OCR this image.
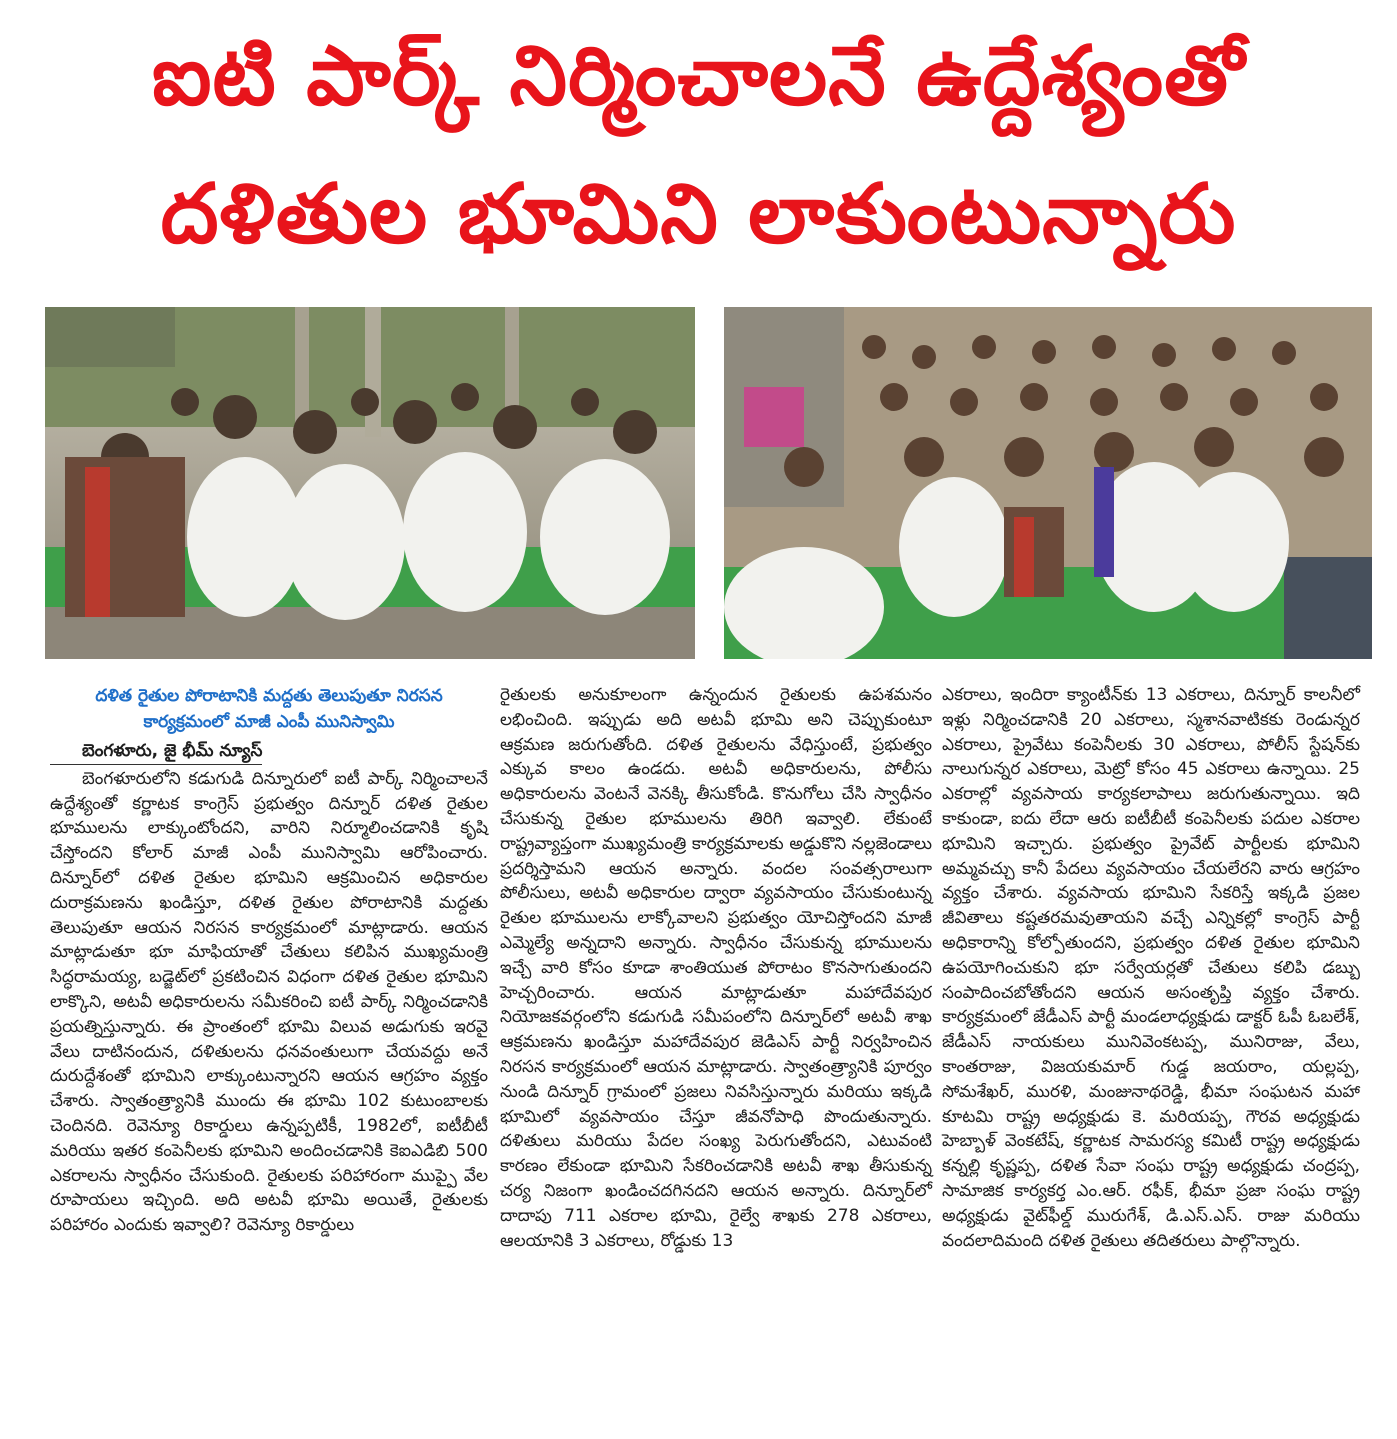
ఐటి పార్క్ నిర్మించాలనే ఉద్దేశ్యంతో
దళితుల భూమిని లాకుంటున్నారు
దళిత రైతుల పోరాటానికి మద్దతు తెలుపుతూ నిరసన కార్యక్రమంలో మాజీ ఎంపీ మునిస్వామి
బెంగళూరు, జై భీమ్ న్యూస్
బెంగళూరులోని కడుగుడి దిన్నూరులో ఐటీ పార్క్ నిర్మించాలనే ఉద్దేశ్యంతో కర్ణాటక కాంగ్రెస్ ప్రభుత్వం దిన్నూర్ దళిత రైతుల భూములను లాక్కుంటోందని, వారిని నిర్మూలించడానికి కృషి చేస్తోందని కోలార్ మాజీ ఎంపీ మునిస్వామి ఆరోపించారు. దిన్నూర్‌లో దళిత రైతుల భూమిని ఆక్రమించిన అధికారుల దురాక్రమణను ఖండిస్తూ, దళిత రైతుల పోరాటానికి మద్దతు తెలుపుతూ ఆయన నిరసన కార్యక్రమంలో మాట్లాడారు. ఆయన మాట్లాడుతూ భూ మాఫియాతో చేతులు కలిపిన ముఖ్యమంత్రి సిద్ధరామయ్య, బడ్జెట్‌లో ప్రకటించిన విధంగా దళిత రైతుల భూమిని లాక్కొని, అటవీ అధికారులను సమీకరించి ఐటీ పార్క్ నిర్మించడానికి ప్రయత్నిస్తున్నారు. ఈ ప్రాంతంలో భూమి విలువ అడుగుకు ఇరవై వేలు దాటినందున, దళితులను ధనవంతులుగా చేయవద్దు అనే దురుద్దేశంతో భూమిని లాక్కుంటున్నారని ఆయన ఆగ్రహం వ్యక్తం చేశారు. స్వాతంత్ర్యానికి ముందు ఈ భూమి 102 కుటుంబాలకు చెందినది. రెవెన్యూ రికార్డులు ఉన్నప్పటికీ, 1982లో, ఐటీబీటీ మరియు ఇతర కంపెనీలకు భూమిని అందించడానికి కెఐఎడిబి 500 ఎకరాలను స్వాధీనం చేసుకుంది. రైతులకు పరిహారంగా ముప్పై వేల రూపాయలు ఇచ్చింది. అది అటవీ భూమి అయితే, రైతులకు పరిహారం ఎందుకు ఇవ్వాలి? రెవెన్యూ రికార్డులు
రైతులకు అనుకూలంగా ఉన్నందున రైతులకు ఉపశమనం లభించింది. ఇప్పుడు అది అటవీ భూమి అని చెప్పుకుంటూ ఆక్రమణ జరుగుతోంది. దళిత రైతులను వేధిస్తుంటే, ప్రభుత్వం ఎక్కువ కాలం ఉండదు. అటవీ అధికారులను, పోలీసు అధికారులను వెంటనే వెనక్కి తీసుకోండి. కొనుగోలు చేసి స్వాధీనం చేసుకున్న రైతుల భూములను తిరిగి ఇవ్వాలి. లేకుంటే రాష్ట్రవ్యాప్తంగా ముఖ్యమంత్రి కార్యక్రమాలకు అడ్డుకొని నల్లజెండాలు ప్రదర్శిస్తామని ఆయన అన్నారు. వందల సంవత్సరాలుగా పోలీసులు, అటవీ అధికారుల ద్వారా వ్యవసాయం చేసుకుంటున్న రైతుల భూములను లాక్కోవాలని ప్రభుత్వం యోచిస్తోందని మాజీ ఎమ్మెల్యే అన్నదాని అన్నారు. స్వాధీనం చేసుకున్న భూములను ఇచ్చే వారి కోసం కూడా శాంతియుత పోరాటం కొనసాగుతుందని హెచ్చరించారు. ఆయన మాట్లాడుతూ మహాదేవపుర నియోజకవర్గంలోని కడుగుడి సమీపంలోని దిన్నూర్‌లో అటవీ శాఖ ఆక్రమణను ఖండిస్తూ మహాదేవపుర జెడిఎస్ పార్టీ నిర్వహించిన నిరసన కార్యక్రమంలో ఆయన మాట్లాడారు. స్వాతంత్ర్యానికి పూర్వం నుండి దిన్నూర్ గ్రామంలో ప్రజలు నివసిస్తున్నారు మరియు ఇక్కడి భూమిలో వ్యవసాయం చేస్తూ జీవనోపాధి పొందుతున్నారు. దళితులు మరియు పేదల సంఖ్య పెరుగుతోందని, ఎటువంటి కారణం లేకుండా భూమిని సేకరించడానికి అటవీ శాఖ తీసుకున్న చర్య నిజంగా ఖండించదగినదని ఆయన అన్నారు. దిన్నూర్‌లో దాదాపు 711 ఎకరాల భూమి, రైల్వే శాఖకు 278 ఎకరాలు, ఆలయానికి 3 ఎకరాలు, రోడ్డుకు 13
ఎకరాలు, ఇందిరా క్యాంటీన్‌కు 13 ఎకరాలు, దిన్నూర్ కాలనీలో ఇళ్లు నిర్మించడానికి 20 ఎకరాలు, స్మశానవాటికకు రెండున్నర ఎకరాలు, ప్రైవేటు కంపెనీలకు 30 ఎకరాలు, పోలీస్ స్టేషన్‌కు నాలుగున్నర ఎకరాలు, మెట్రో కోసం 45 ఎకరాలు ఉన్నాయి. 25 ఎకరాల్లో వ్యవసాయ కార్యకలాపాలు జరుగుతున్నాయి. ఇది కాకుండా, ఐదు లేదా ఆరు ఐటీబీటీ కంపెనీలకు పదుల ఎకరాల భూమిని ఇచ్చారు. ప్రభుత్వం ప్రైవేట్ పార్టీలకు భూమిని అమ్మవచ్చు కానీ పేదలు వ్యవసాయం చేయలేరని వారు ఆగ్రహం వ్యక్తం చేశారు. వ్యవసాయ భూమిని సేకరిస్తే ఇక్కడి ప్రజల జీవితాలు కష్టతరమవుతాయని వచ్చే ఎన్నికల్లో కాంగ్రెస్ పార్టీ అధికారాన్ని కోల్పోతుందని, ప్రభుత్వం దళిత రైతుల భూమిని ఉపయోగించుకుని భూ సర్వేయర్లతో చేతులు కలిపి డబ్బు సంపాదించబోతోందని ఆయన అసంతృప్తి వ్యక్తం చేశారు. కార్యక్రమంలో జేడీఎస్ పార్టీ మండలాధ్యక్షుడు డాక్టర్ ఓపీ ఓబలేశ్, జేడీఎస్ నాయకులు మునివెంకటప్ప, మునిరాజు, వేలు, కాంతరాజు, విజయకుమార్ గుడ్డ జయరాం, యల్లప్ప, సోమశేఖర్, మురళి, మంజునాథరెడ్డి, భీమా సంఘటన మహా కూటమి రాష్ట్ర అధ్యక్షుడు కె. మరియప్ప, గౌరవ అధ్యక్షుడు హెబ్బాళ్ వెంకటేష్, కర్ణాటక సామరస్య కమిటీ రాష్ట్ర అధ్యక్షుడు కన్నల్లి కృష్ణప్ప, దళిత సేవా సంఘ రాష్ట్ర అధ్యక్షుడు చంద్రప్ప, సామాజిక కార్యకర్త ఎం.ఆర్. రఫీక్, భీమా ప్రజా సంఘ రాష్ట్ర అధ్యక్షుడు వైట్‌ఫీల్డ్ మురుగేశ్, డి.ఎస్.ఎస్. రాజు మరియు వందలాదిమంది దళిత రైతులు తదితరులు పాల్గొన్నారు.
